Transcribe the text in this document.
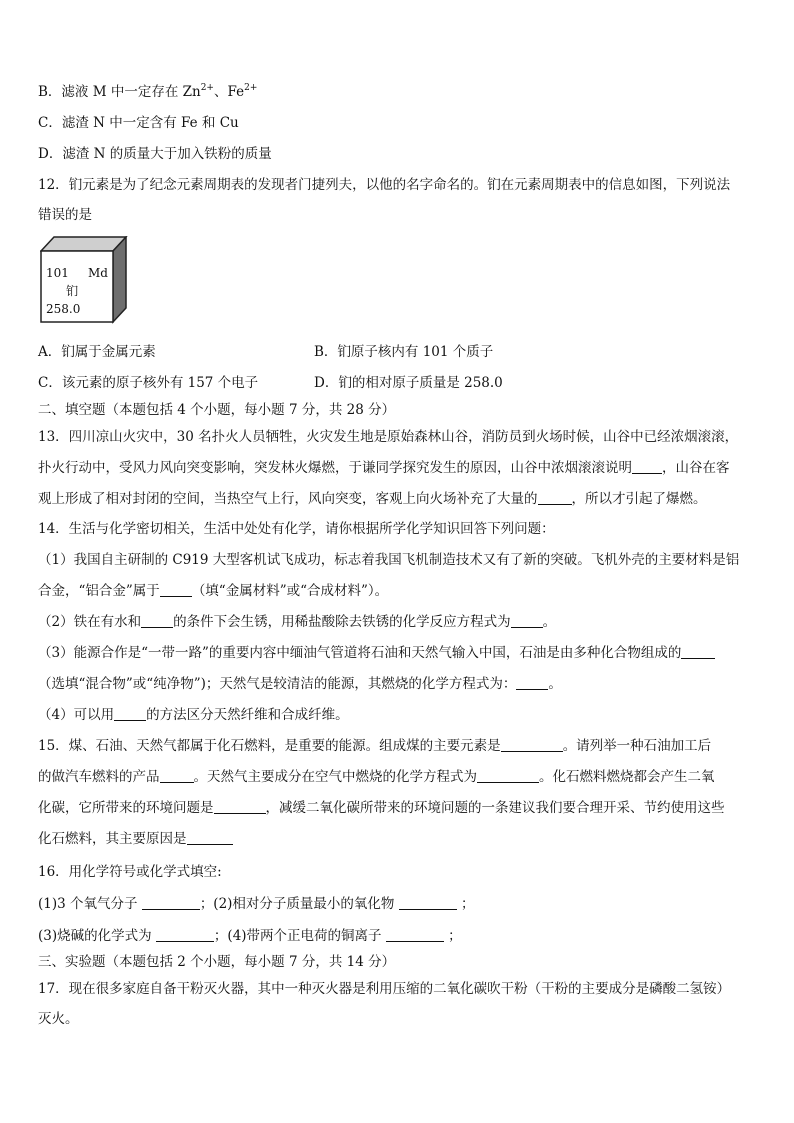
B．滤液 M 中一定存在 $Zn^{2+}$、$Fe^{2+}$
C．滤渣 N 中一定含有 Fe 和 Cu
D．滤渣 N 的质量大于加入铁粉的质量
12．钔元素是为了纪念元素周期表的发现者门捷列夫，以他的名字命名的。钔在元素周期表中的信息如图，下列说法
错误的是
101 Md
钔
258.0
A．钔属于金属元素	B．钔原子核内有 101 个质子
C．该元素的原子核外有 157 个电子	D．钔的相对原子质量是 258.0
二、填空题（本题包括 4 个小题，每小题 7 分，共 28 分）
13．四川凉山火灾中，30 名扑火人员牺牲，火灾发生地是原始森林山谷，消防员到火场时候，山谷中已经浓烟滚滚，
扑火行动中，受风力风向突变影响，突发林火爆燃，于谦同学探究发生的原因，山谷中浓烟滚滚说明 ，山谷在客
观上形成了相对封闭的空间，当热空气上行，风向突变，客观上向火场补充了大量的	，所以才引起了爆燃。
14．生活与化学密切相关，生活中处处有化学，请你根据所学化学知识回答下列问题：
（1）我国自主研制的 C919 大型客机试飞成功，标志着我国飞机制造技术又有了新的突破。飞机外壳的主要材料是铝
合金，“铝合金”属于 （填“金属材料”或“合成材料”）。
（2）铁在有水和 的条件下会生锈，用稀盐酸除去铁锈的化学反应方程式为 。
（3）能源合作是“一带一路”的重要内容中缅油气管道将石油和天然气输入中国，石油是由多种化合物组成的
（选填“混合物”或“纯净物”)；天然气是较清洁的能源，其燃烧的化学方程式为： 。
（4）可以用 的方法区分天然纤维和合成纤维。
15．煤、石油、天然气都属于化石燃料，是重要的能源。组成煤的主要元素是	。请列举一种石油加工后
的做汽车燃料的产品	。天然气主要成分在空气中燃烧的化学方程式为	。化石燃料燃烧都会产生二氧
化碳，它所带来的环境问题是	，减缓二氧化碳所带来的环境问题的一条建议我们要合理开采、节约使用这些
化石燃料，其主要原因是
16．用化学符号或化学式填空:
(1)3 个氧气分子	；(2)相对分子质量最小的氧化物	；
(3)烧碱的化学式为	；(4)带两个正电荷的铜离子	；
三、实验题（本题包括 2 个小题，每小题 7 分，共 14 分）
17．现在很多家庭自备干粉灭火器，其中一种灭火器是利用压缩的二氧化碳吹干粉（干粉的主要成分是磷酸二氢铵）
灭火。
